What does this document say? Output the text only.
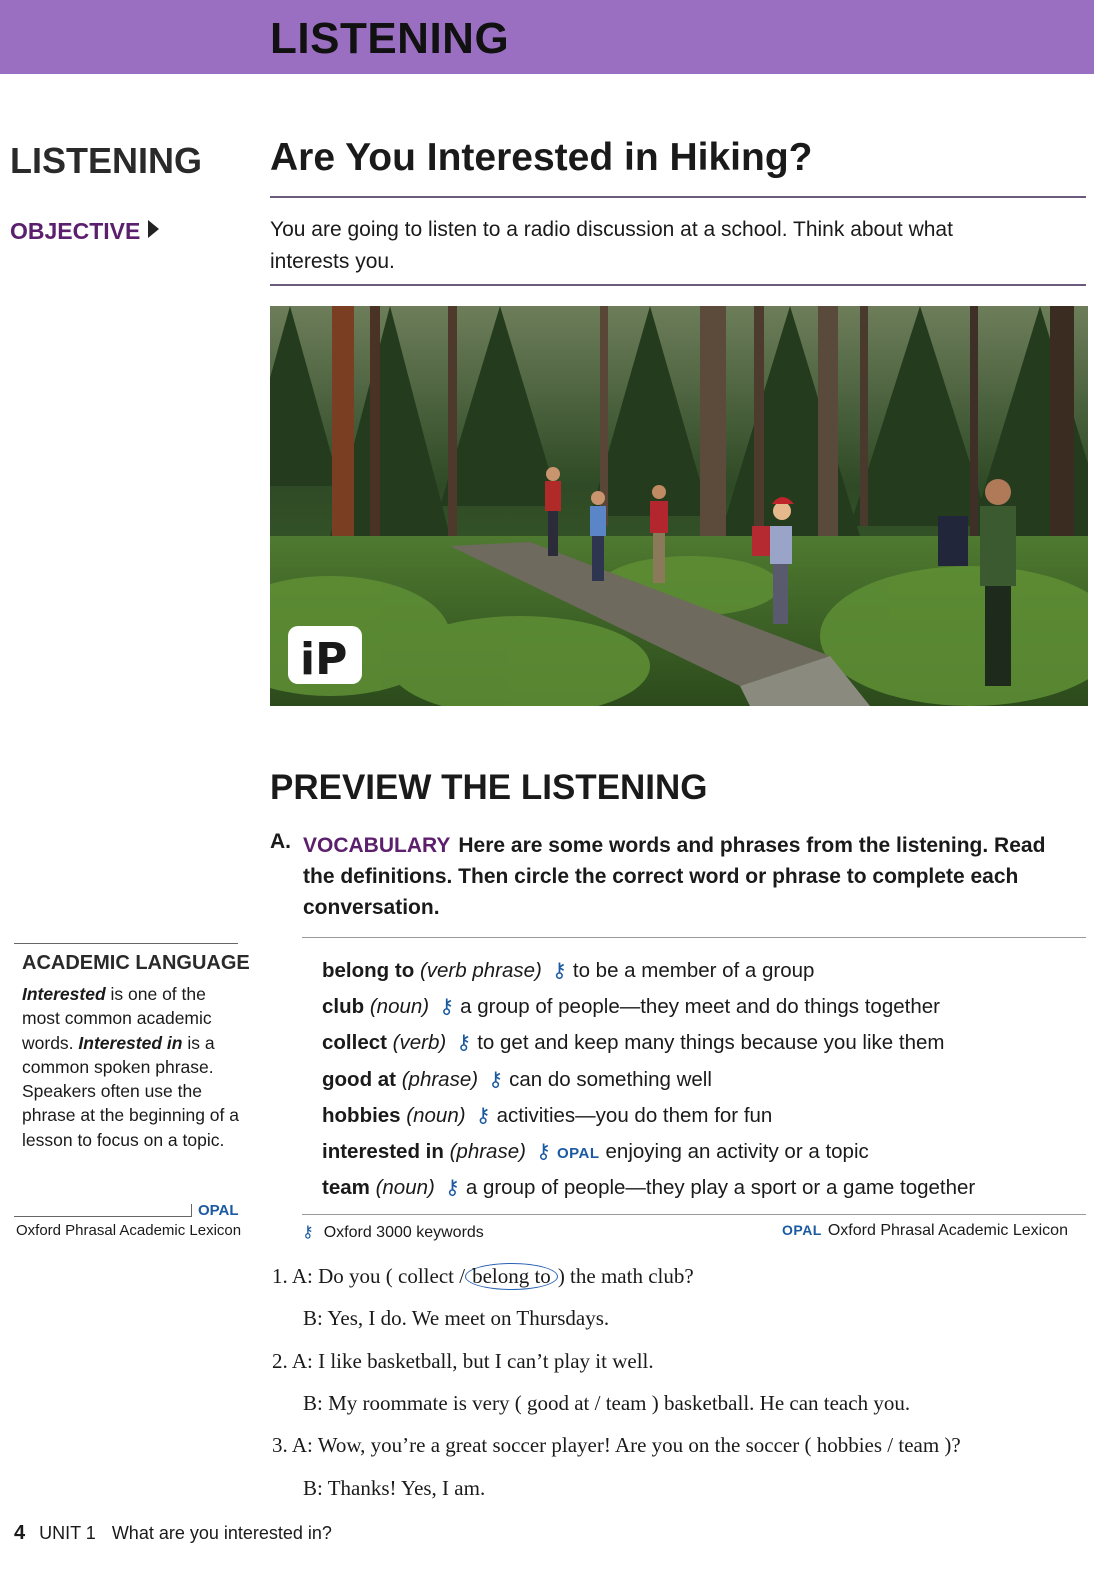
LISTENING
LISTENING Are You Interested in Hiking?
OBJECTIVE	You are going to listen to a radio discussion at a school. Think about what interests you.
iP
PREVIEW THE LISTENING
A. VOCABULARY Here are some words and phrases from the listening. Read the definitions. Then circle the correct word or phrase to complete each conversation.
ACADEMIC LANGUAGE
Interested is one of the most common academic words. Interested in is a common spoken phrase. Speakers often use the phrase at the beginning of a lesson to focus on a topic.
OPAL
Oxford Phrasal Academic Lexicon
belong to (verb phrase) ⚷ to be a member of a group
club (noun) ⚷ a group of people—they meet and do things together
collect (verb) ⚷ to get and keep many things because you like them
good at (phrase) ⚷ can do something well
hobbies (noun) ⚷ activities—you do them for fun
interested in (phrase) ⚷ OPAL enjoying an activity or a topic
team (noun) ⚷ a group of people—they play a sport or a game together
⚷ Oxford 3000 keywords	OPAL Oxford Phrasal Academic Lexicon
1. A: Do you ( collect / belong to ) the math club?
B: Yes, I do. We meet on Thursdays.
2. A: I like basketball, but I can’t play it well.
B: My roommate is very ( good at / team ) basketball. He can teach you.
3. A: Wow, you’re a great soccer player! Are you on the soccer ( hobbies / team )?
B: Thanks! Yes, I am.
4 UNIT 1 What are you interested in?
